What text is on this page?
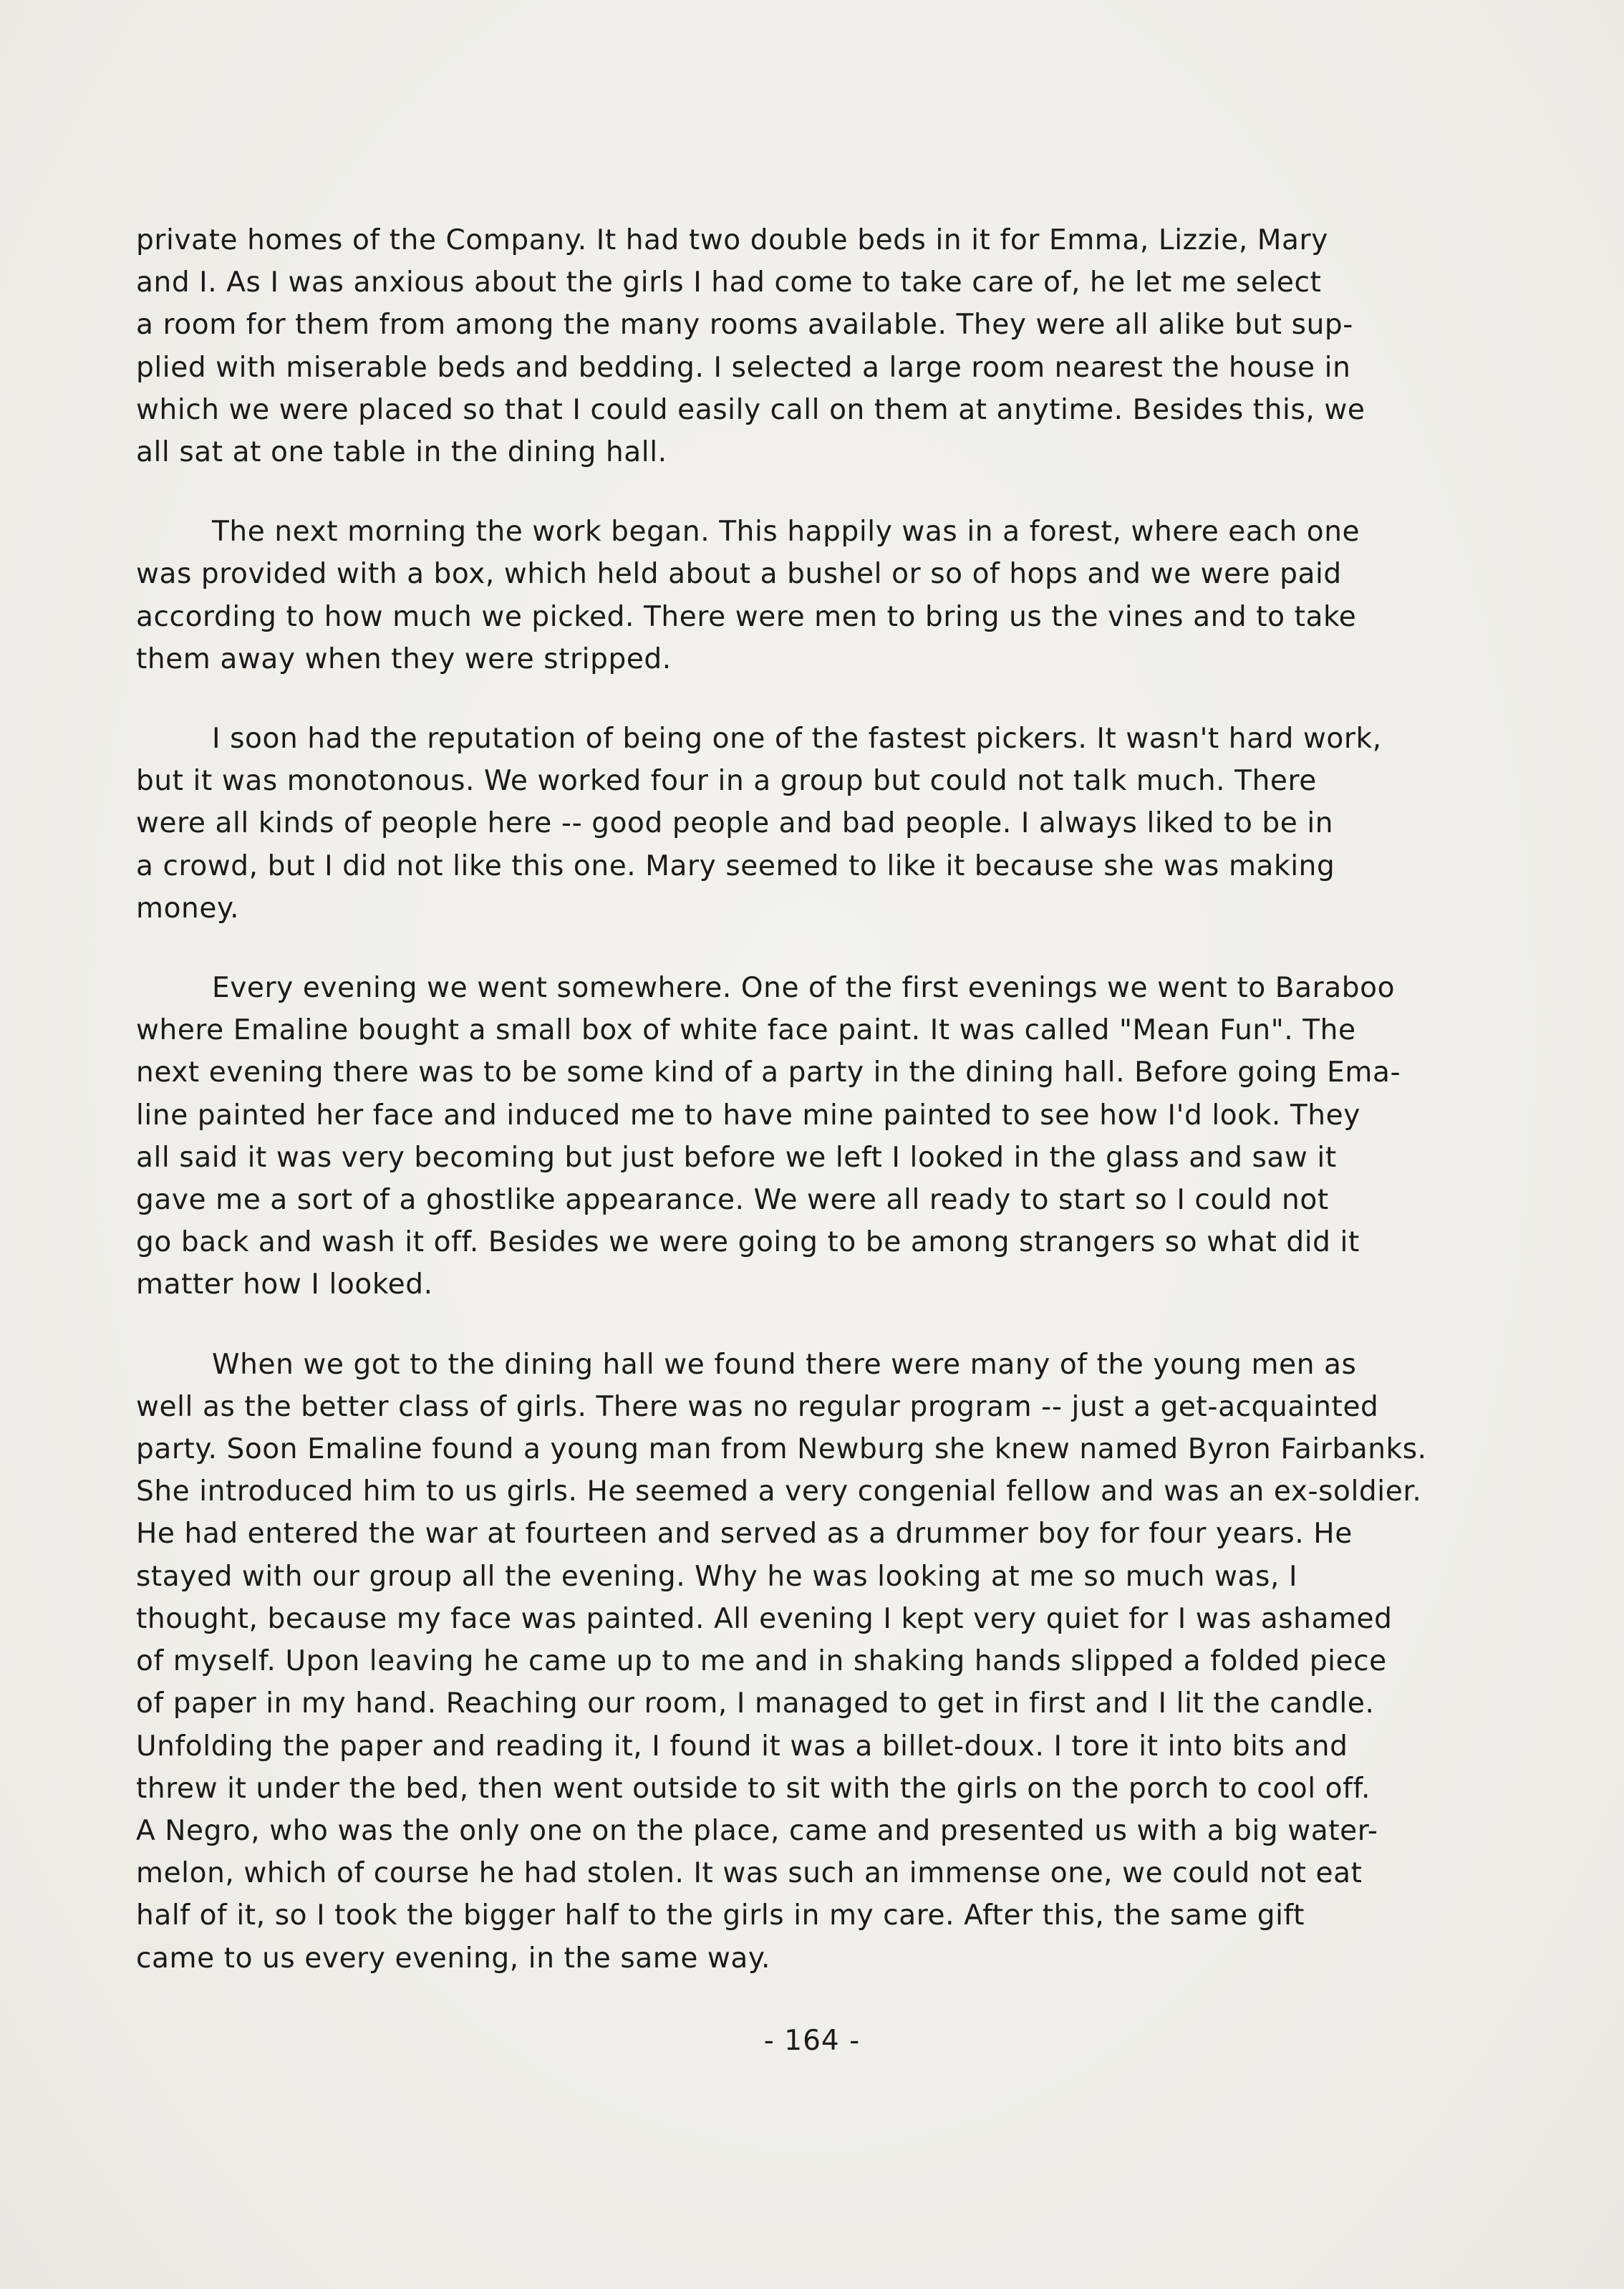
private homes of the Company. It had two double beds in it for Emma, Lizzie, Mary
and I. As I was anxious about the girls I had come to take care of, he let me select
a room for them from among the many rooms available. They were all alike but sup-
plied with miserable beds and bedding. I selected a large room nearest the house in
which we were placed so that I could easily call on them at anytime. Besides this, we
all sat at one table in the dining hall.
The next morning the work began. This happily was in a forest, where each one
was provided with a box, which held about a bushel or so of hops and we were paid
according to how much we picked. There were men to bring us the vines and to take
them away when they were stripped.
I soon had the reputation of being one of the fastest pickers. It wasn't hard work,
but it was monotonous. We worked four in a group but could not talk much. There
were all kinds of people here -- good people and bad people. I always liked to be in
a crowd, but I did not like this one. Mary seemed to like it because she was making
money.
Every evening we went somewhere. One of the first evenings we went to Baraboo
where Emaline bought a small box of white face paint. It was called "Mean Fun". The
next evening there was to be some kind of a party in the dining hall. Before going Ema-
line painted her face and induced me to have mine painted to see how I'd look. They
all said it was very becoming but just before we left I looked in the glass and saw it
gave me a sort of a ghostlike appearance. We were all ready to start so I could not
go back and wash it off. Besides we were going to be among strangers so what did it
matter how I looked.
When we got to the dining hall we found there were many of the young men as
well as the better class of girls. There was no regular program -- just a get-acquainted
party. Soon Emaline found a young man from Newburg she knew named Byron Fairbanks.
She introduced him to us girls. He seemed a very congenial fellow and was an ex-soldier.
He had entered the war at fourteen and served as a drummer boy for four years. He
stayed with our group all the evening. Why he was looking at me so much was, I
thought, because my face was painted. All evening I kept very quiet for I was ashamed
of myself. Upon leaving he came up to me and in shaking hands slipped a folded piece
of paper in my hand. Reaching our room, I managed to get in first and I lit the candle.
Unfolding the paper and reading it, I found it was a billet-doux. I tore it into bits and
threw it under the bed, then went outside to sit with the girls on the porch to cool off.
A Negro, who was the only one on the place, came and presented us with a big water-
melon, which of course he had stolen. It was such an immense one, we could not eat
half of it, so I took the bigger half to the girls in my care. After this, the same gift
came to us every evening, in the same way.
- 164 -
